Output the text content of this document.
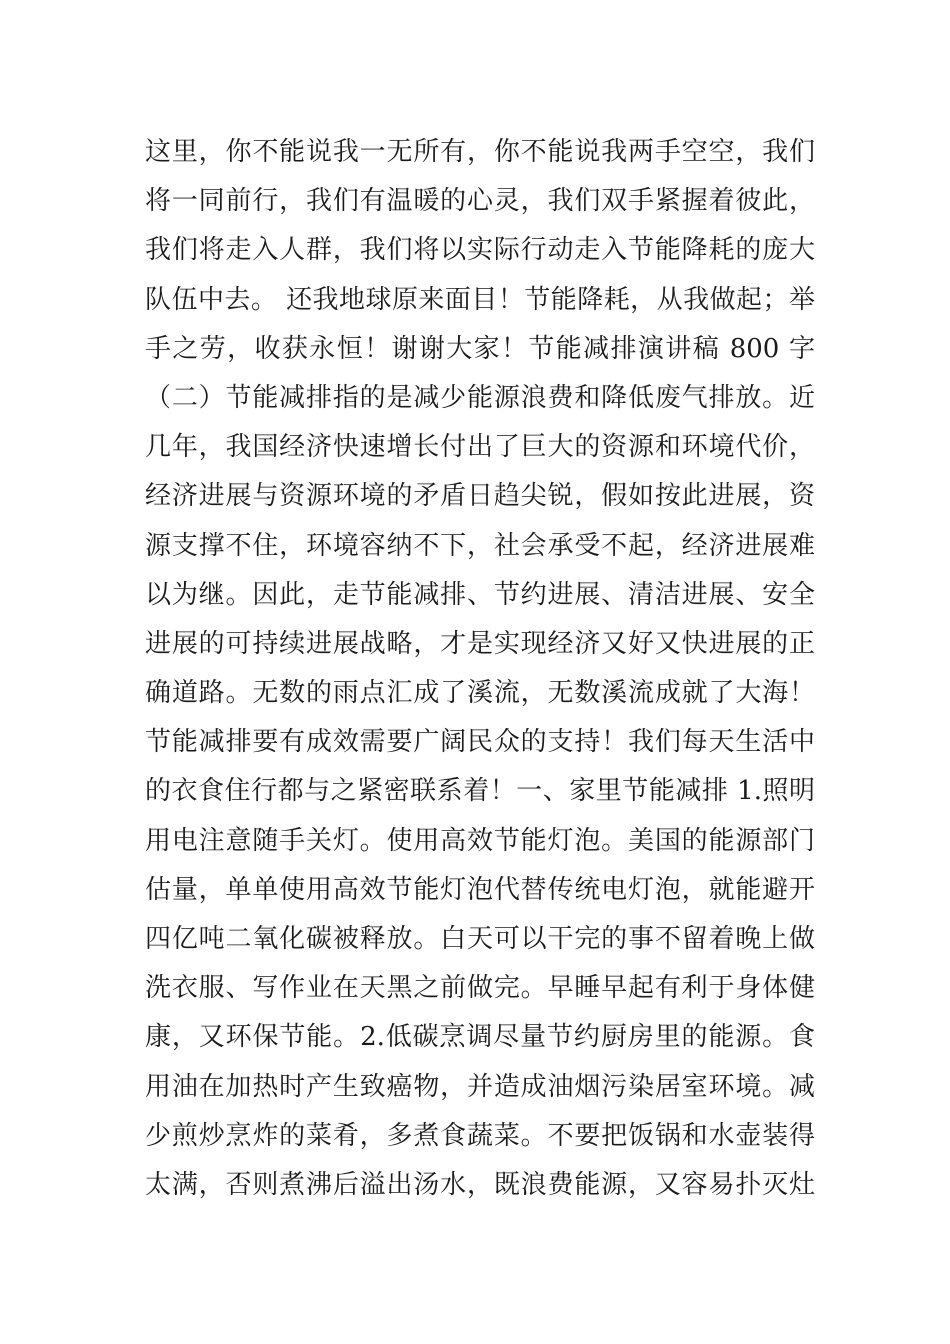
这里，你不能说我一无所有，你不能说我两手空空，我们
将一同前行，我们有温暖的心灵，我们双手紧握着彼此，
我们将走入人群，我们将以实际行动走入节能降耗的庞大
队伍中去。 还我地球原来面目！节能降耗，从我做起；举
手之劳，收获永恒！谢谢大家！节能减排演讲稿 800 字
（二）节能减排指的是减少能源浪费和降低废气排放。近
几年，我国经济快速增长付出了巨大的资源和环境代价，
经济进展与资源环境的矛盾日趋尖锐，假如按此进展，资
源支撑不住，环境容纳不下，社会承受不起，经济进展难
以为继。因此，走节能减排、节约进展、清洁进展、安全
进展的可持续进展战略，才是实现经济又好又快进展的正
确道路。无数的雨点汇成了溪流，无数溪流成就了大海！
节能减排要有成效需要广阔民众的支持！我们每天生活中
的衣食住行都与之紧密联系着！一、家里节能减排 1.照明
用电注意随手关灯。使用高效节能灯泡。美国的能源部门
估量，单单使用高效节能灯泡代替传统电灯泡，就能避开
四亿吨二氧化碳被释放。白天可以干完的事不留着晚上做
洗衣服、写作业在天黑之前做完。早睡早起有利于身体健
康，又环保节能。2.低碳烹调尽量节约厨房里的能源。食
用油在加热时产生致癌物，并造成油烟污染居室环境。减
少煎炒烹炸的菜肴，多煮食蔬菜。不要把饭锅和水壶装得
太满，否则煮沸后溢出汤水，既浪费能源，又容易扑灭灶
